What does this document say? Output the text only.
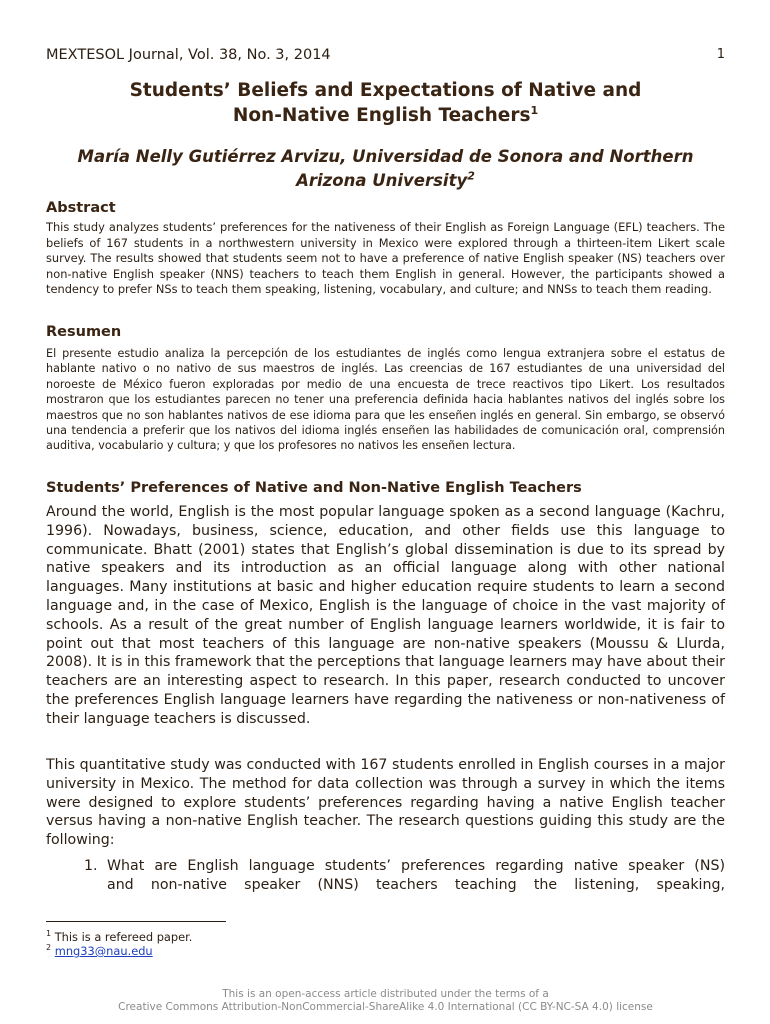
MEXTESOL Journal, Vol. 38, No. 3, 2014	1
Students’ Beliefs and Expectations of Native and
Non-Native English Teachers$^1$
María Nelly Gutiérrez Arvizu, Universidad de Sonora and Northern
Arizona University$^2$
Abstract

This study analyzes students’ preferences for the nativeness of their English as Foreign Language (EFL) teachers. The beliefs of 167 students in a northwestern university in Mexico were explored through a thirteen-item Likert scale survey. The results showed that students seem not to have a preference of native English speaker (NS) teachers over non-native English speaker (NNS) teachers to teach them English in general. However, the participants showed a tendency to prefer NSs to teach them speaking, listening, vocabulary, and culture; and NNSs to teach them reading.

Resumen

El presente estudio analiza la percepción de los estudiantes de inglés como lengua extranjera sobre el estatus de hablante nativo o no nativo de sus maestros de inglés. Las creencias de 167 estudiantes de una universidad del noroeste de México fueron exploradas por medio de una encuesta de trece reactivos tipo Likert. Los resultados mostraron que los estudiantes parecen no tener una preferencia definida hacia hablantes nativos del inglés sobre los maestros que no son hablantes nativos de ese idioma para que les enseñen inglés en general. Sin embargo, se observó una tendencia a preferir que los nativos del idioma inglés enseñen las habilidades de comunicación oral, comprensión auditiva, vocabulario y cultura; y que los profesores no nativos les enseñen lectura.

Students’ Preferences of Native and Non-Native English Teachers

Around the world, English is the most popular language spoken as a second language (Kachru, 1996). Nowadays, business, science, education, and other fields use this language to communicate. Bhatt (2001) states that English’s global dissemination is due to its spread by native speakers and its introduction as an official language along with other national languages. Many institutions at basic and higher education require students to learn a second language and, in the case of Mexico, English is the language of choice in the vast majority of schools. As a result of the great number of English language learners worldwide, it is fair to point out that most teachers of this language are non-native speakers (Moussu & Llurda, 2008). It is in this framework that the perceptions that language learners may have about their teachers are an interesting aspect to research. In this paper, research conducted to uncover the preferences English language learners have regarding the nativeness or non-nativeness of their language teachers is discussed.

This quantitative study was conducted with 167 students enrolled in English courses in a major university in Mexico. The method for data collection was through a survey in which the items were designed to explore students’ preferences regarding having a native English teacher versus having a non-native English teacher. The research questions guiding this study are the following:

1. What are English language students’ preferences regarding native speaker (NS)
and non-native speaker (NNS) teachers teaching the listening, speaking,
$^1$ This is a refereed paper.
$^2$ mng33@nau.edu
This is an open-access article distributed under the terms of a
Creative Commons Attribution-NonCommercial-ShareAlike 4.0 International (CC BY-NC-SA 4.0) license
